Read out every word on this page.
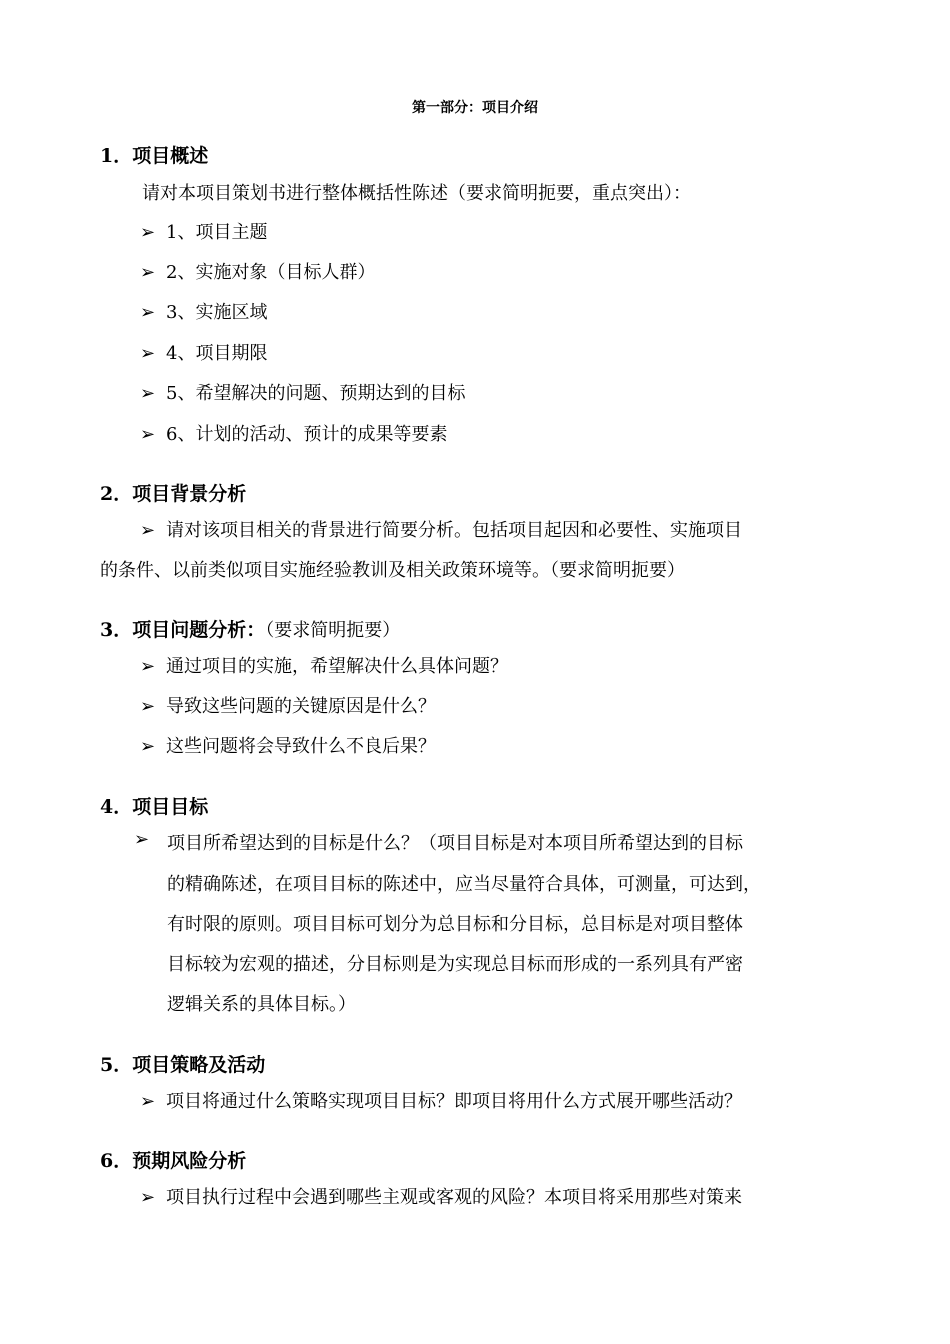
第一部分：项目介绍
1．项目概述
请对本项目策划书进行整体概括性陈述（要求简明扼要，重点突出）：
➢ 1、项目主题
➢ 2、实施对象（目标人群）
➢ 3、实施区域
➢ 4、项目期限
➢ 5、希望解决的问题、预期达到的目标
➢ 6、计划的活动、预计的成果等要素
2．项目背景分析
➢ 请对该项目相关的背景进行简要分析。包括项目起因和必要性、实施项目
的条件、以前类似项目实施经验教训及相关政策环境等。（要求简明扼要）
3．项目问题分析：（要求简明扼要）
➢ 通过项目的实施，希望解决什么具体问题？
➢ 导致这些问题的关键原因是什么？
➢ 这些问题将会导致什么不良后果？
4．项目目标
➢ 项目所希望达到的目标是什么？（项目目标是对本项目所希望达到的目标
的精确陈述，在项目目标的陈述中，应当尽量符合具体，可测量，可达到，
有时限的原则。项目目标可划分为总目标和分目标，总目标是对项目整体
目标较为宏观的描述，分目标则是为实现总目标而形成的一系列具有严密
逻辑关系的具体目标。）
5．项目策略及活动
➢ 项目将通过什么策略实现项目目标？即项目将用什么方式展开哪些活动？
6．预期风险分析
➢ 项目执行过程中会遇到哪些主观或客观的风险？本项目将采用那些对策来
